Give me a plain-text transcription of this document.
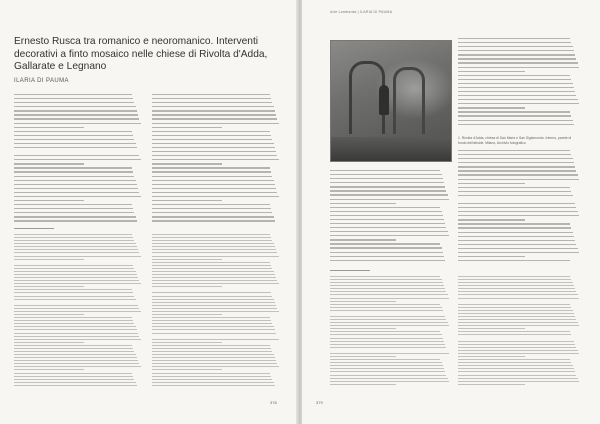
Ernesto Rusca tra romanico e neoromanico. Interventi decorativi a finto mosaico nelle chiese di Rivolta d'Adda, Gallarate e Legnano
ILARIA DI PAUMA
378
Arte Lombarda | ILARIA DI PAUMA
1. Rivolta d'Adda, chiesa di San Maria e San Sigismondo. Interno, parete di fondo dell'abside. Milano, Archivio fotografico
379
